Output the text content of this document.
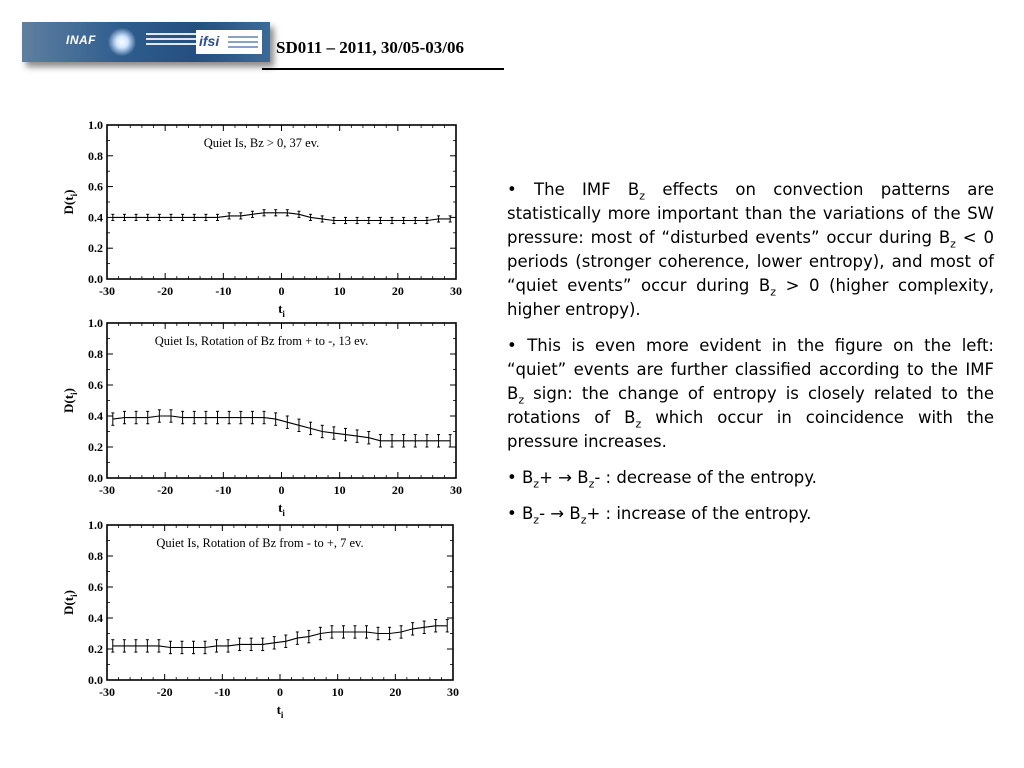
INAF	ifsi	SD011 – 2011, 30/05-03/06
-30	-20	-10	0	10	20	30
0.0
0.2
0.4
0.6
0.8
1.0
$t_i$
$D(t_i)$
Quiet Is, Bz > 0, 37 ev.
-30	-20	-10	0	10	20	30
0.0
0.2
0.4
0.6
0.8
1.0
$t_i$
$D(t_i)$
Quiet Is, Rotation of Bz from + to -, 13 ev.
-30	-20	-10	0	10	20	30
0.0
0.2
0.4
0.6
0.8
1.0
$t_i$
$D(t_i)$
Quiet Is, Rotation of Bz from - to +, 7 ev.
• The IMF $B_z$ effects on convection patterns are statistically more important than the variations of the SW pressure: most of “disturbed events” occur during $B_z < 0$ periods (stronger coherence, lower entropy), and most of “quiet events” occur during $B_z > 0$ (higher complexity, higher entropy).
• This is even more evident in the figure on the left: “quiet” events are further classified according to the IMF $B_z$ sign: the change of entropy is closely related to the rotations of $B_z$ which occur in coincidence with the pressure increases.
• $B_z+ \to B_z-$ : decrease of the entropy.
• $B_z- \to B_z+$ : increase of the entropy.
